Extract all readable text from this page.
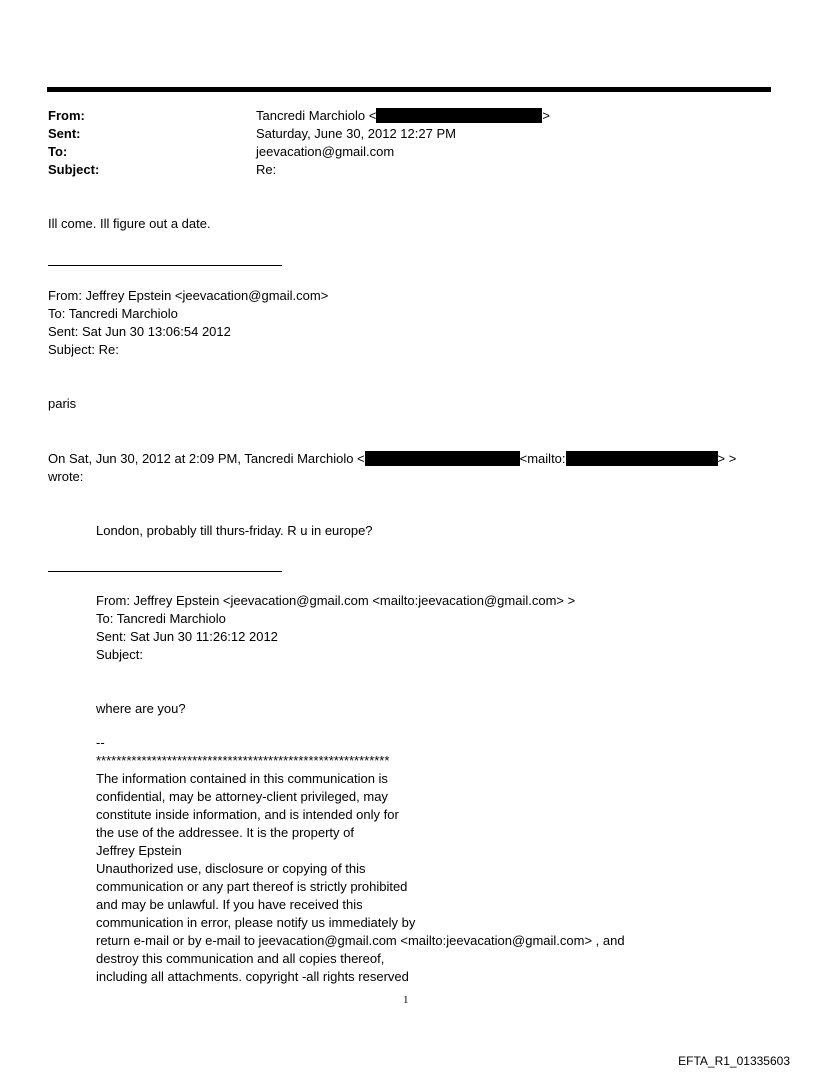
From:	Tancredi Marchiolo <	>
Sent:	Saturday, June 30, 2012 12:27 PM
To:	jeevacation@gmail.com
Subject:	Re:
Ill come. Ill figure out a date.
From: Jeffrey Epstein <jeevacation@gmail.com>
To: Tancredi Marchiolo
Sent: Sat Jun 30 13:06:54 2012
Subject: Re:
paris
On Sat, Jun 30, 2012 at 2:09 PM, Tancredi Marchiolo <	<mailto:	> >
wrote:
London, probably till thurs-friday. R u in europe?
From: Jeffrey Epstein <jeevacation@gmail.com <mailto:jeevacation@gmail.com> >
To: Tancredi Marchiolo
Sent: Sat Jun 30 11:26:12 2012
Subject:
where are you?
--
**********************************************************
The information contained in this communication is
confidential, may be attorney-client privileged, may
constitute inside information, and is intended only for
the use of the addressee. It is the property of
Jeffrey Epstein
Unauthorized use, disclosure or copying of this
communication or any part thereof is strictly prohibited
and may be unlawful. If you have received this
communication in error, please notify us immediately by
return e-mail or by e-mail to jeevacation@gmail.com <mailto:jeevacation@gmail.com> , and
destroy this communication and all copies thereof,
including all attachments. copyright -all rights reserved
1
EFTA_R1_01335603
